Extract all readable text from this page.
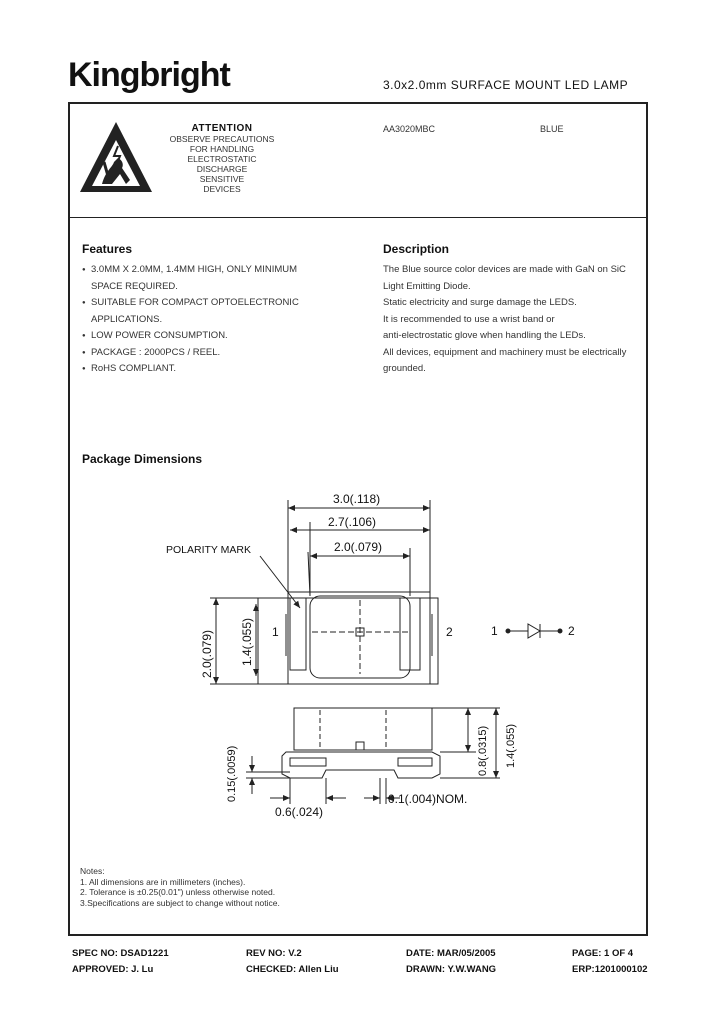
Kingbright	3.0x2.0mm SURFACE MOUNT LED LAMP
ATTENTION
OBSERVE PRECAUTIONS
FOR HANDLING
ELECTROSTATIC
DISCHARGE
SENSITIVE
DEVICES
AA3020MBC	BLUE
Features
● 3.0MM X 2.0MM, 1.4MM HIGH, ONLY MINIMUM
SPACE REQUIRED.
● SUITABLE FOR COMPACT OPTOELECTRONIC
APPLICATIONS.
● LOW POWER CONSUMPTION.
● PACKAGE : 2000PCS / REEL.
● RoHS COMPLIANT.
Description
The Blue source color devices are made with GaN on SiC
Light Emitting Diode.
Static electricity and surge damage the LEDS.
It is recommended to use a wrist band or
anti-electrostatic glove when handling the LEDs.
All devices, equipment and machinery must be electrically
grounded.
Package Dimensions
3.0(.118)
2.7(.106)
2.0(.079)
POLARITY MARK
1	2	1	2
2.0(.079) 1.4(.055)
0.15(.0059)
0.6(.024)
0.1(.004)NOM.
0.8(.0315) 1.4(.055)
Notes:
1. All dimensions are in millimeters (inches).
2. Tolerance is ±0.25(0.01") unless otherwise noted.
3.Specifications are subject to change without notice.
SPEC NO: DSAD1221	REV NO: V.2	DATE: MAR/05/2005	PAGE: 1 OF 4
APPROVED: J. Lu	CHECKED: Allen Liu	DRAWN: Y.W.WANG	ERP:1201000102
